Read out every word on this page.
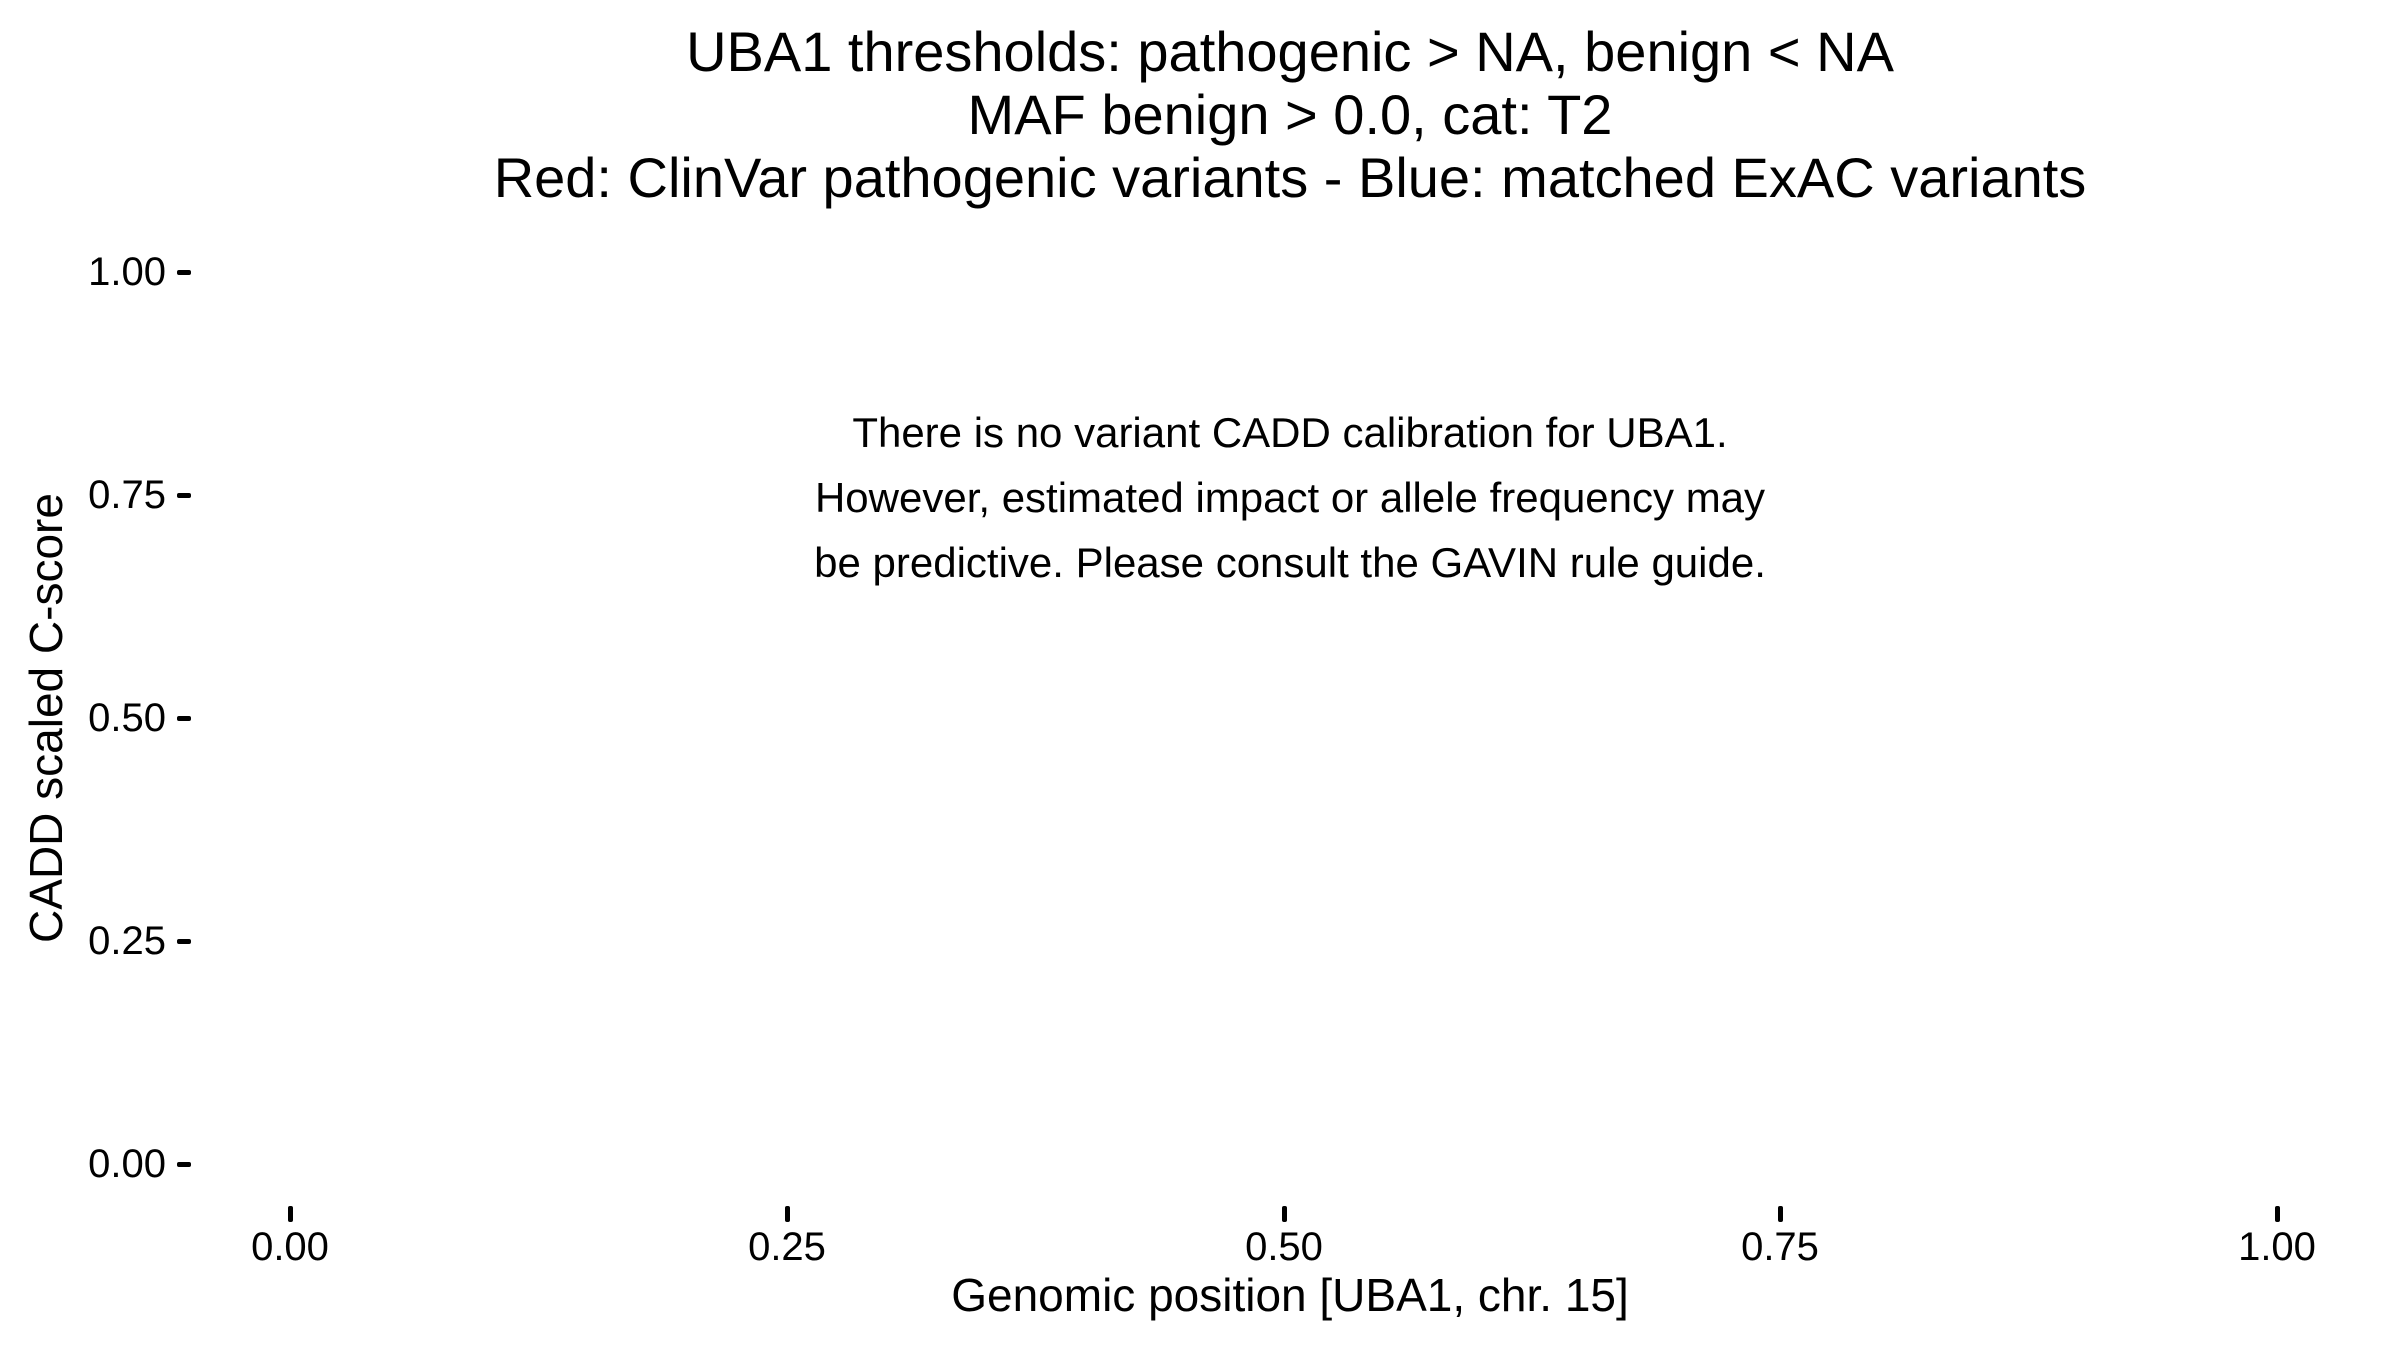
UBA1 thresholds: pathogenic > NA, benign < NA
MAF benign > 0.0, cat: T2
Red: ClinVar pathogenic variants - Blue: matched ExAC variants
There is no variant CADD calibration for UBA1.
However, estimated impact or allele frequency may
be predictive. Please consult the GAVIN rule guide.
CADD scaled C-score
1.00
0.75
0.50
0.25
0.00
0.00	0.25	0.50	0.75	1.00
Genomic position [UBA1, chr. 15]
